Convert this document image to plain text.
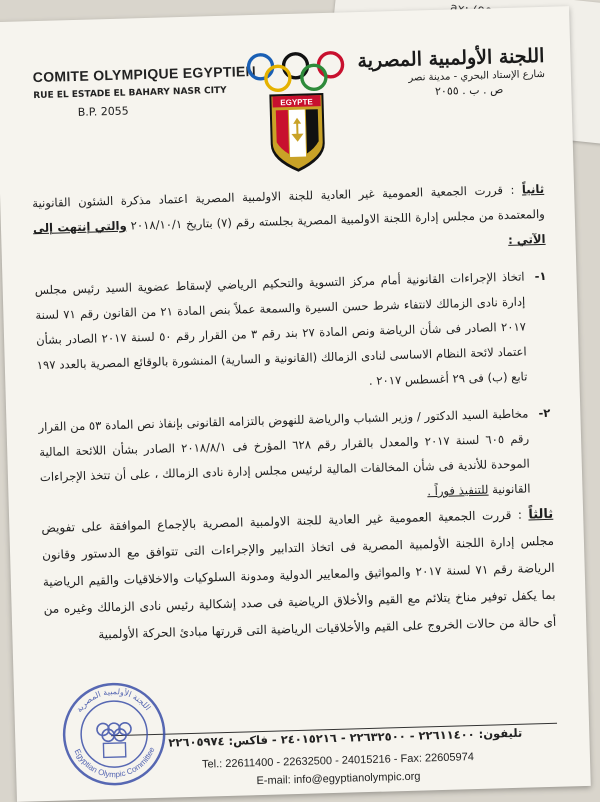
COMITE OLYMPIQUE EGYPTIEN
RUE EL ESTADE EL BAHARY NASR CITY
B.P. 2055
EGYPTE
اللجنة الأولمبية المصرية
شارع الإستاد البحري - مدينة نصر
ص . ب . ٢٠٥٥

ثانياً : قررت الجمعية العمومية غير العادية للجنة الاولمبية المصرية اعتماد مذكرة الشئون القانونية والمعتمدة من مجلس إدارة اللجنة الاولمبية المصرية بجلسته رقم (٧) بتاريخ ٢٠١٨/١٠/١ والتي إنتهت إلى الآتي :

١-
اتخاذ الإجراءات القانونية أمام مركز التسوية والتحكيم الرياضي لإسقاط عضوية السيد رئيس مجلس إدارة نادى الزمالك لانتفاء شرط حسن السيرة والسمعة عملاً بنص المادة ٢١ من القانون رقم ٧١ لسنة ٢٠١٧ الصادر فى شأن الرياضة ونص المادة ٢٧ بند رقم ٣ من القرار رقم ٥٠ لسنة ٢٠١٧ الصادر بشأن اعتماد لائحة النظام الاساسى لنادى الزمالك (القانونية و السارية) المنشورة بالوقائع المصرية بالعدد ١٩٧ تابع (ب) فى ٢٩ أغسطس ٢٠١٧ .
٢-
مخاطبة السيد الدكتور / وزير الشباب والرياضة للنهوض بالتزامه القانونى بإنفاذ نص المادة ٥٣ من القرار رقم ٦٠٥ لسنة ٢٠١٧ والمعدل بالقرار رقم ٦٢٨ المؤرخ فى ٢٠١٨/٨/١ الصادر بشأن اللائحة المالية الموحدة للأندية فى شأن المخالفات المالية لرئيس مجلس إدارة نادى الزمالك ، على أن تتخذ الإجراءات القانونية للتنفيذ فوراً .

ثالثاً : قررت الجمعية العمومية غير العادية للجنة الاولمبية المصرية بالإجماع الموافقة على تفويض مجلس إدارة اللجنة الأولمبية المصرية فى اتخاذ التدابير والإجراءات التى تتوافق مع الدستور وقانون الرياضة رقم ٧١ لسنة ٢٠١٧ والمواثيق والمعايير الدولية ومدونة السلوكيات والاخلاقيات والقيم الرياضية بما يكفل توفير مناخ يتلائم مع القيم والأخلاق الرياضية فى صدد إشكالية رئيس نادى الزمالك وغيره من أى حالة من حالات الخروج على القيم والأخلاقيات الرياضية التى قررتها مبادئ الحركة الأولمبية

تليفون: ٢٢٦١١٤٠٠ - ٢٢٦٣٢٥٠٠ - ٢٤٠١٥٢١٦ - فاكس: ٢٢٦٠٥٩٧٤
Tel.: 22611400 - 22632500 - 24015216 - Fax: 22605974
E-mail: info@egyptianolympic.org
اللجنة الأولمبية المصرية
Egyptian Olympic Committee
